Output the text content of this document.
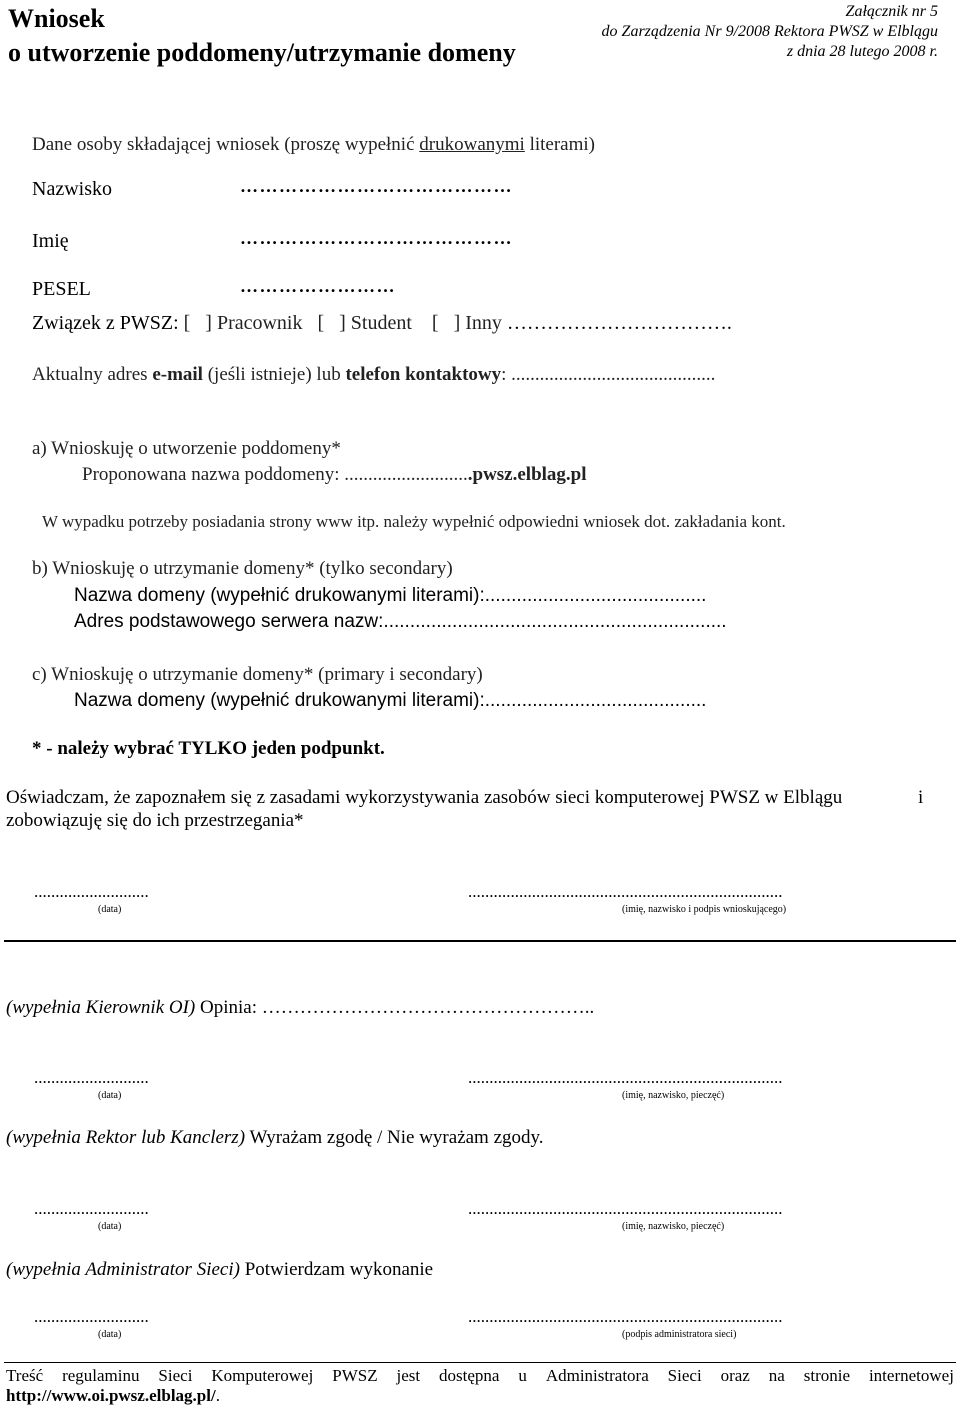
Wniosek
o utworzenie poddomeny/utrzymanie domeny
Załącznik nr 5
do Zarządzenia Nr 9/2008 Rektora PWSZ w Elblągu
z dnia 28 lutego 2008 r.
Dane osoby składającej wniosek (proszę wypełnić drukowanymi literami)
Nazwisko	……………………………………
Imię	……………………………………
PESEL	……………………
Związek z PWSZ: [   ] Pracownik   [   ] Student    [   ] Inny …………………………….
Aktualny adres e-mail (jeśli istnieje) lub telefon kontaktowy: ...........................................
a) Wnioskuję o utworzenie poddomeny*
Proponowana nazwa poddomeny: ...........................pwsz.elblag.pl
W wypadku potrzeby posiadania strony www itp. należy wypełnić odpowiedni wniosek dot. zakładania kont.
b) Wnioskuję o utrzymanie domeny* (tylko secondary)
Nazwa domeny (wypełnić drukowanymi literami):..........................................
Adres podstawowego serwera nazw:.................................................................
c) Wnioskuję o utrzymanie domeny* (primary i secondary)
Nazwa domeny (wypełnić drukowanymi literami):..........................................
* - należy wybrać TYLKO jeden podpunkt.
Oświadczam, że zapoznałem się z zasadami wykorzystywania zasobów sieci komputerowej PWSZ w Elblągu	i
zobowiązuję się do ich przestrzegania*
...........................
(data)
..........................................................................
(imię, nazwisko i podpis wnioskującego)
(wypełnia Kierownik OI) Opinia: ……………………………………………..
...........................
(data)
..........................................................................
(imię, nazwisko, pieczęć)
(wypełnia Rektor lub Kanclerz) Wyrażam zgodę / Nie wyrażam zgody.
...........................
(data)
..........................................................................
(imię, nazwisko, pieczęć)
(wypełnia Administrator Sieci) Potwierdzam wykonanie
...........................
(data)
..........................................................................
(podpis administratora sieci)
Treść regulaminu Sieci Komputerowej PWSZ jest dostępna u Administratora Sieci oraz na stronie internetowej
http://www.oi.pwsz.elblag.pl/.
